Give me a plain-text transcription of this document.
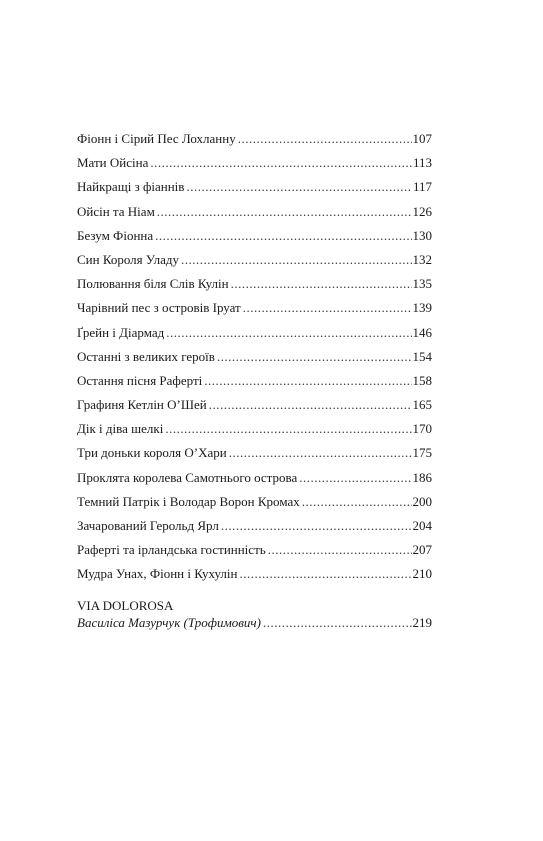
Фіонн і Сірий Пес Лохланну .....	107
Мати Ойсіна .....	113
Найкращі з фіаннів .....	117
Ойсін та Ніам .....	126
Безум Фіонна .....	130
Син Короля Уладу .....	132
Полювання біля Слів Кулін .....	135
Чарівний пес з островів Іруат .....	139
Ґрейн і Діармад .....	146
Останні з великих героїв .....	154
Остання пісня Раферті .....	158
Графиня Кетлін О’Шей .....	165
Дік і діва шелкі .....	170
Три доньки короля О’Хари .....	175
Проклята королева Самотнього острова .....	186
Темний Патрік і Володар Ворон Кромах .....	200
Зачарований Герольд Ярл .....	204
Раферті та ірландська гостинність .....	207
Мудра Унах, Фіонн і Кухулін .....	210
VIA DOLOROSA
Василіса Мазурчук (Трофимович) .....	219
